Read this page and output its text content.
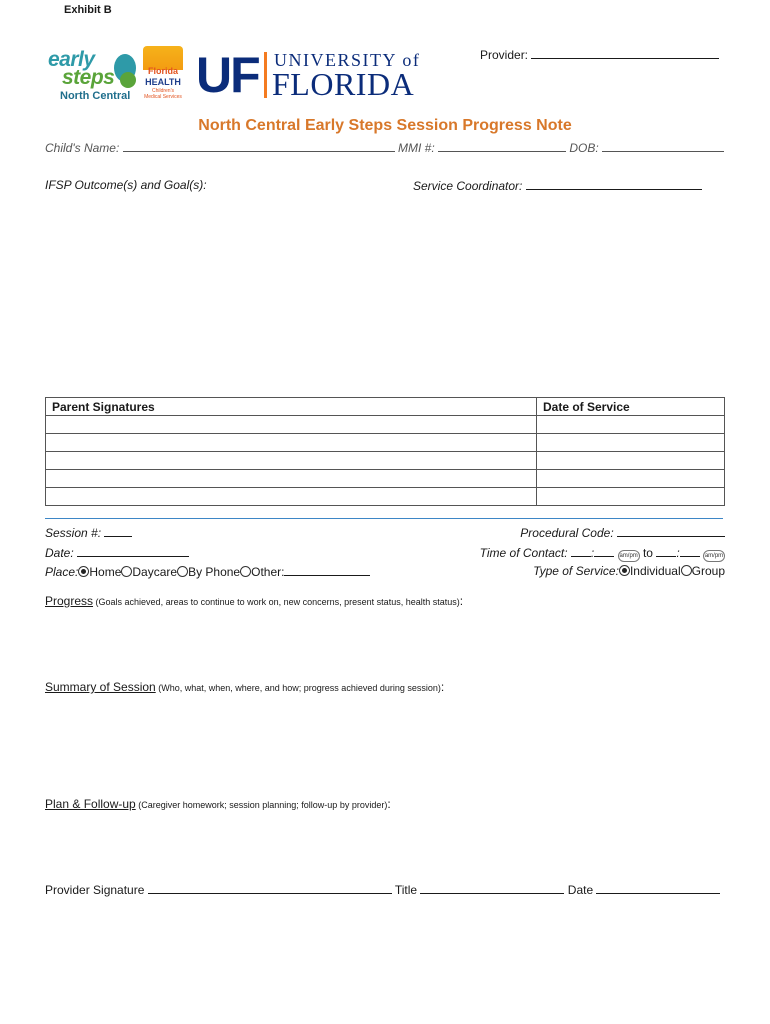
Exhibit B
early
steps
North Central
Florida
HEALTH
Children's Medical Services UF UNIVERSITY of
FLORIDA
Provider:
North Central Early Steps Session Progress Note
Child's Name:	MMI #:	DOB:
IFSP Outcome(s) and Goal(s):	Service Coordinator:
Parent Signatures	Date of Service

Session #:
Date:
Place: Home Daycare By Phone Other:
Procedural Code:
Time of Contact: :	am/pm to :	am/pm
Type of Service: Individual Group
Progress (Goals achieved, areas to continue to work on, new concerns, present status, health status):
Summary of Session (Who, what, when, where, and how; progress achieved during session):
Plan & Follow-up (Caregiver homework; session planning; follow-up by provider):
Provider Signature	Title	Date
